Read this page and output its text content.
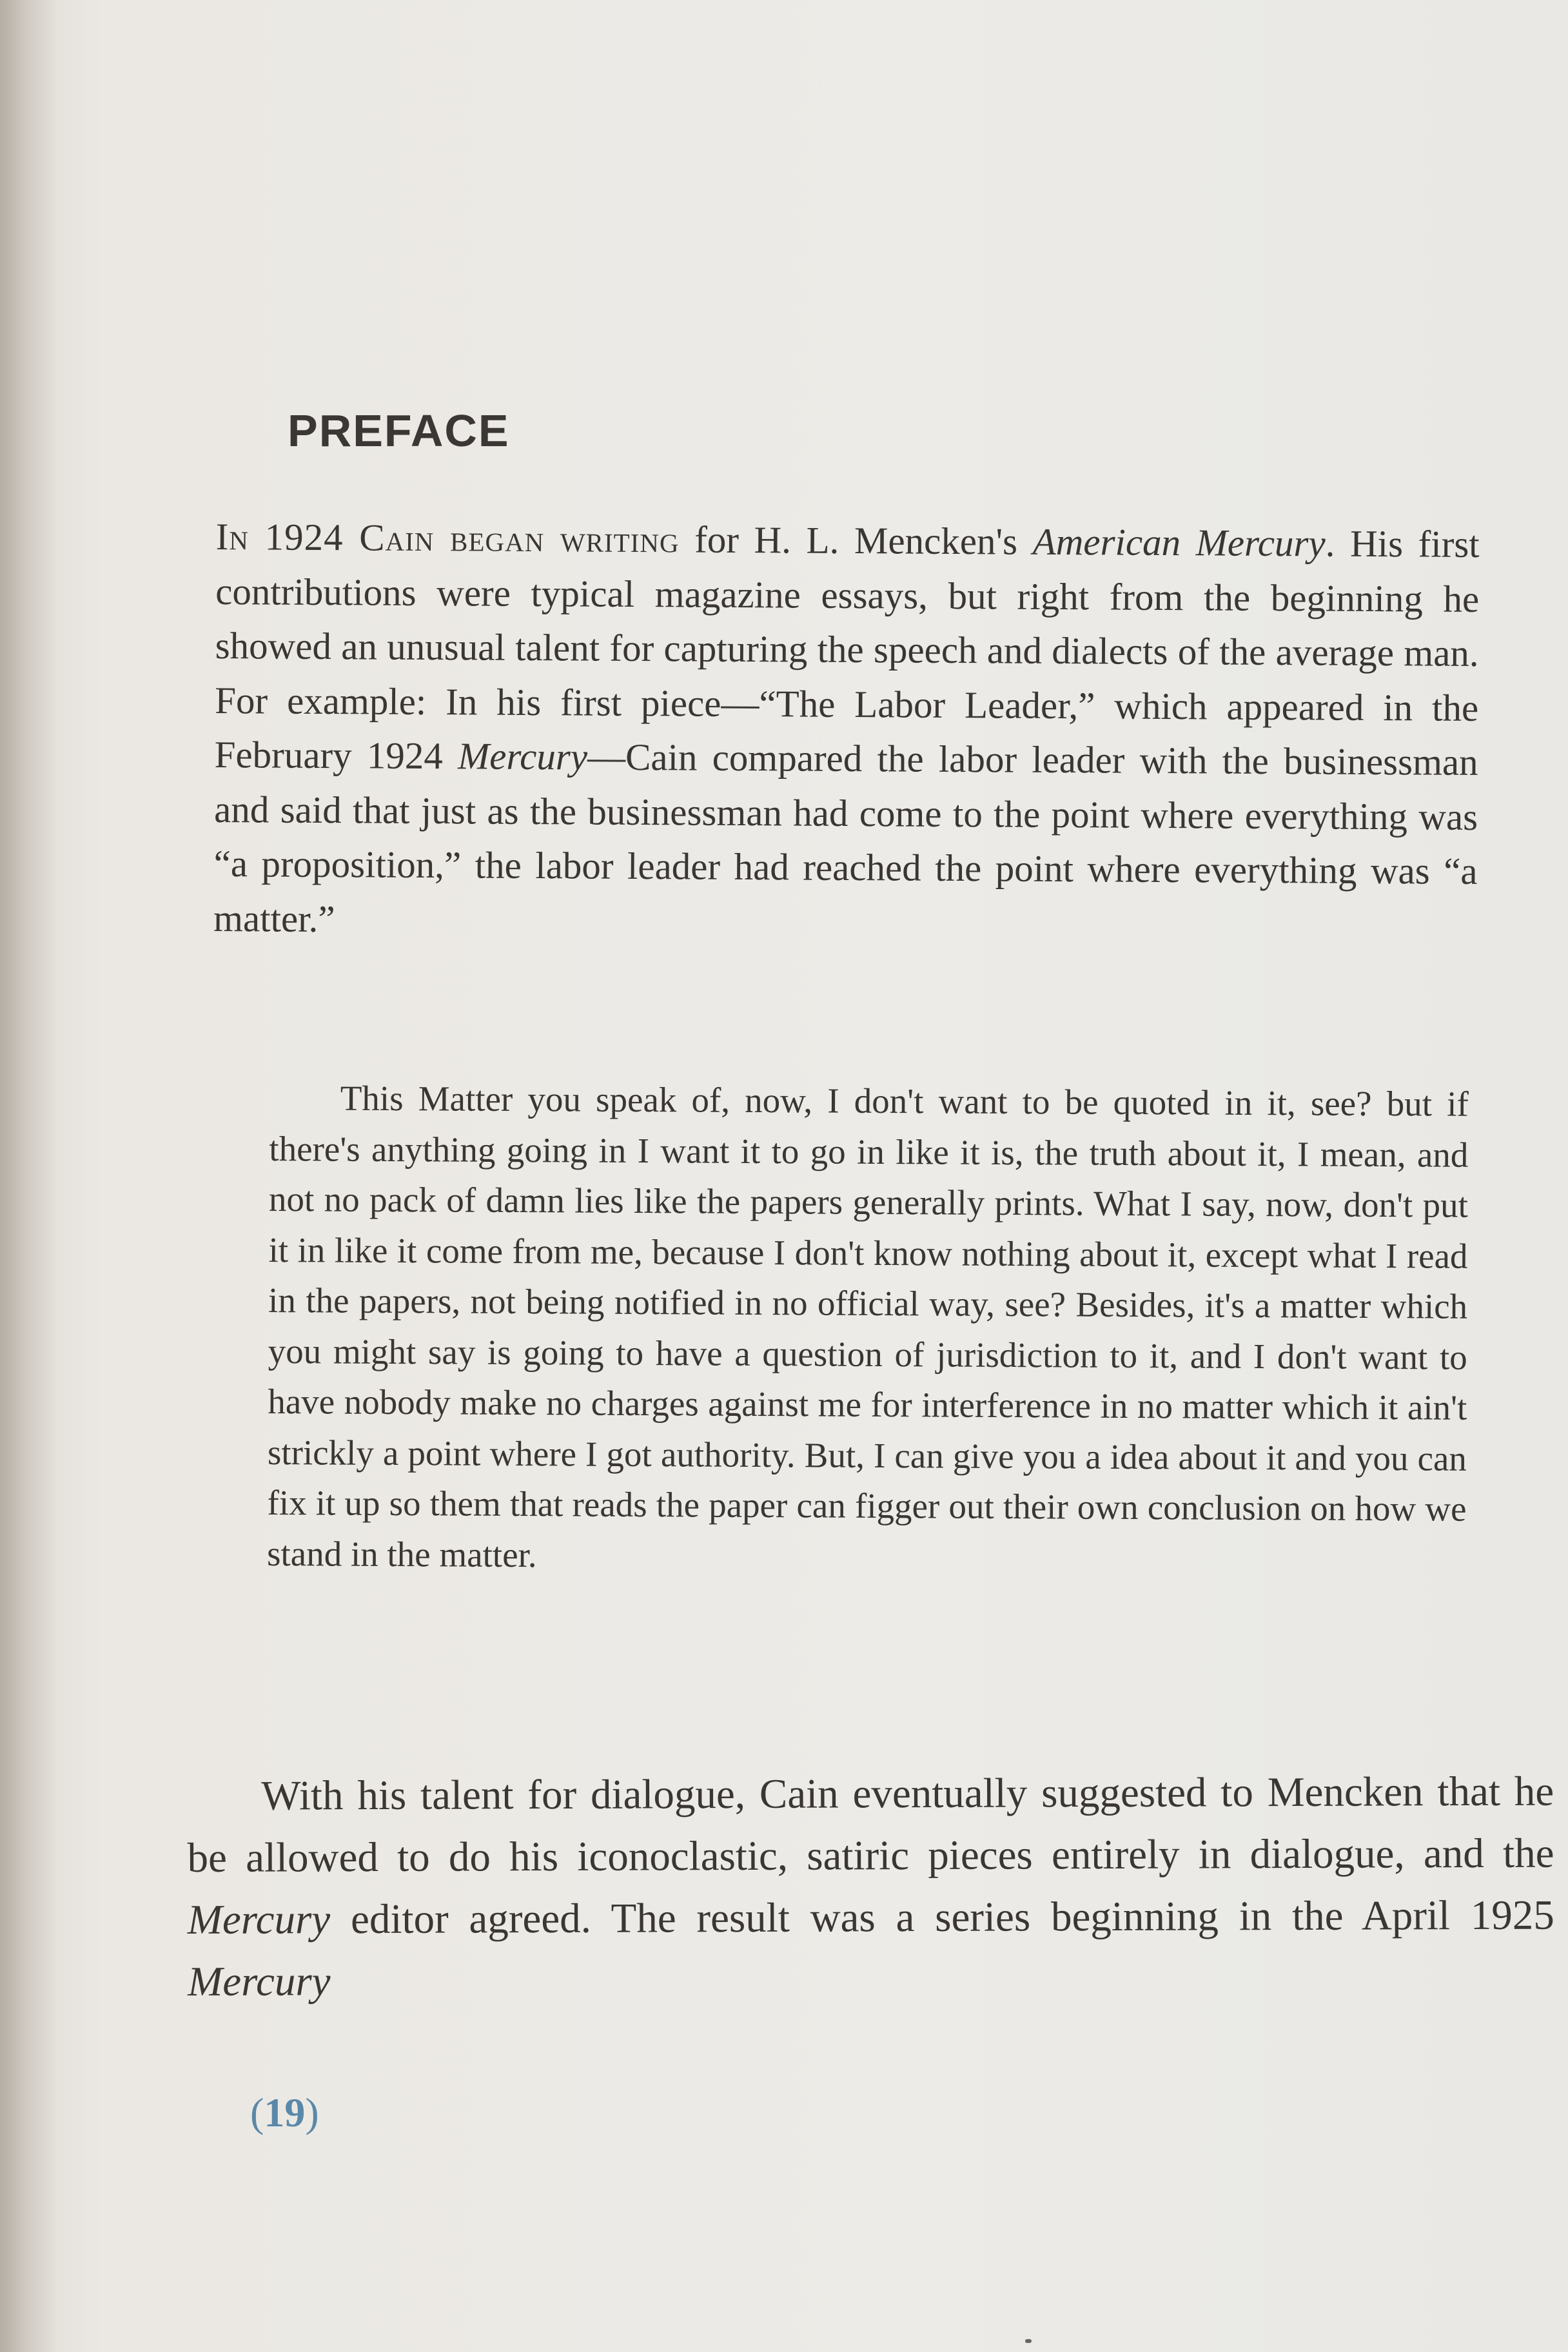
PREFACE

In 1924 Cain began writing for H. L. Mencken's American Mercury. His first contributions were typical magazine essays, but right from the beginning he showed an unusual talent for capturing the speech and dialects of the average man. For example: In his first piece—“The Labor Leader,” which appeared in the February 1924 Mercury—Cain compared the labor leader with the businessman and said that just as the businessman had come to the point where everything was “a proposition,” the labor leader had reached the point where everything was “a matter.”

This Matter you speak of, now, I don't want to be quoted in it, see? but if there's anything going in I want it to go in like it is, the truth about it, I mean, and not no pack of damn lies like the papers generally prints. What I say, now, don't put it in like it come from me, because I don't know nothing about it, except what I read in the papers, not being notified in no official way, see? Besides, it's a matter which you might say is going to have a question of jurisdiction to it, and I don't want to have nobody make no charges against me for interference in no matter which it ain't strickly a point where I got authority. But, I can give you a idea about it and you can fix it up so them that reads the paper can figger out their own conclusion on how we stand in the matter.

With his talent for dialogue, Cain eventually suggested to Mencken that he be allowed to do his iconoclastic, satiric pieces entirely in dialogue, and the Mercury editor agreed. The result was a series beginning in the April 1925 Mercury

(19)
